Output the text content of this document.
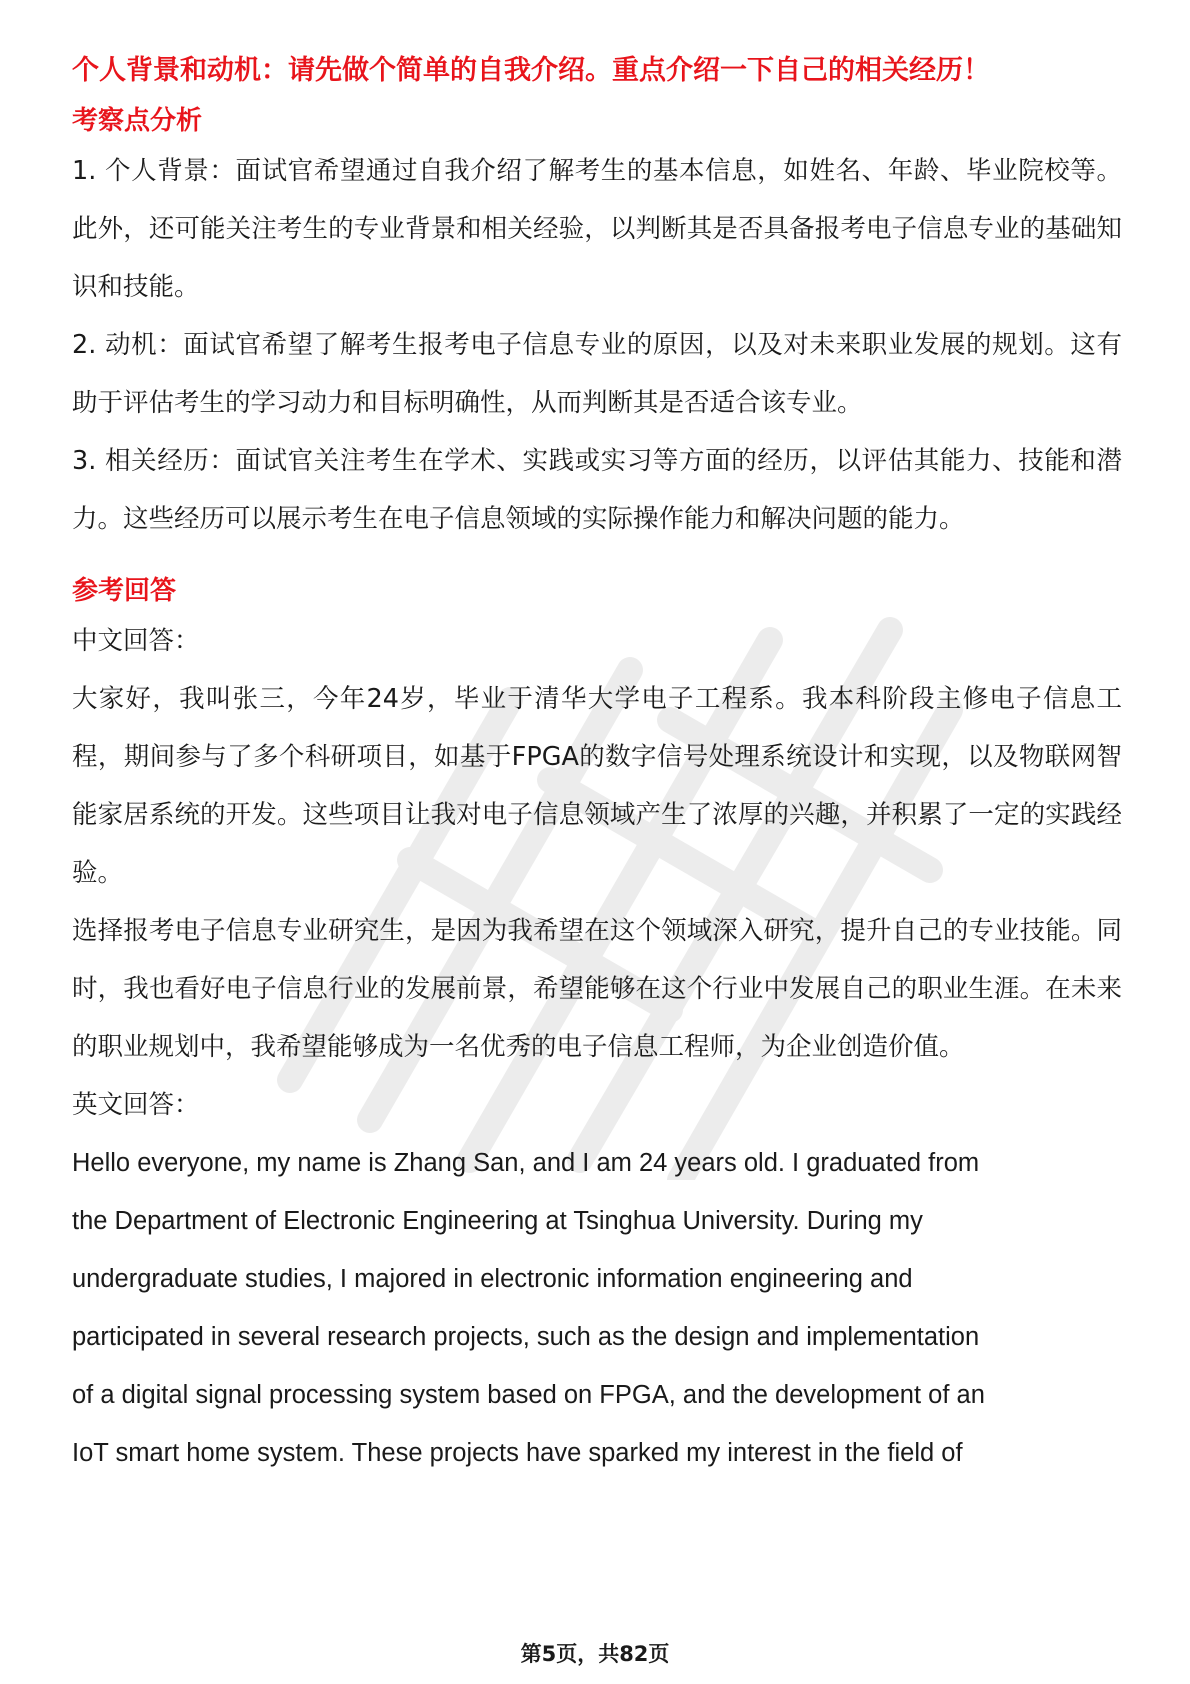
个人背景和动机：请先做个简单的自我介绍。重点介绍一下自己的相关经历！
考察点分析

1. 个人背景：面试官希望通过自我介绍了解考生的基本信息，如姓名、年龄、毕业院校等。此外，还可能关注考生的专业背景和相关经验，以判断其是否具备报考电子信息专业的基础知识和技能。

2. 动机：面试官希望了解考生报考电子信息专业的原因，以及对未来职业发展的规划。这有助于评估考生的学习动力和目标明确性，从而判断其是否适合该专业。

3. 相关经历：面试官关注考生在学术、实践或实习等方面的经历，以评估其能力、技能和潜力。这些经历可以展示考生在电子信息领域的实际操作能力和解决问题的能力。

参考回答

中文回答：

大家好，我叫张三，今年24岁，毕业于清华大学电子工程系。我本科阶段主修电子信息工程，期间参与了多个科研项目，如基于FPGA的数字信号处理系统设计和实现，以及物联网智能家居系统的开发。这些项目让我对电子信息领域产生了浓厚的兴趣，并积累了一定的实践经验。

选择报考电子信息专业研究生，是因为我希望在这个领域深入研究，提升自己的专业技能。同时，我也看好电子信息行业的发展前景，希望能够在这个行业中发展自己的职业生涯。在未来的职业规划中，我希望能够成为一名优秀的电子信息工程师，为企业创造价值。

英文回答：

Hello everyone, my name is Zhang San, and I am 24 years old. I graduated from

the Department of Electronic Engineering at Tsinghua University. During my

undergraduate studies, I majored in electronic information engineering and

participated in several research projects, such as the design and implementation

of a digital signal processing system based on FPGA, and the development of an

IoT smart home system. These projects have sparked my interest in the field of

第5页，共82页
